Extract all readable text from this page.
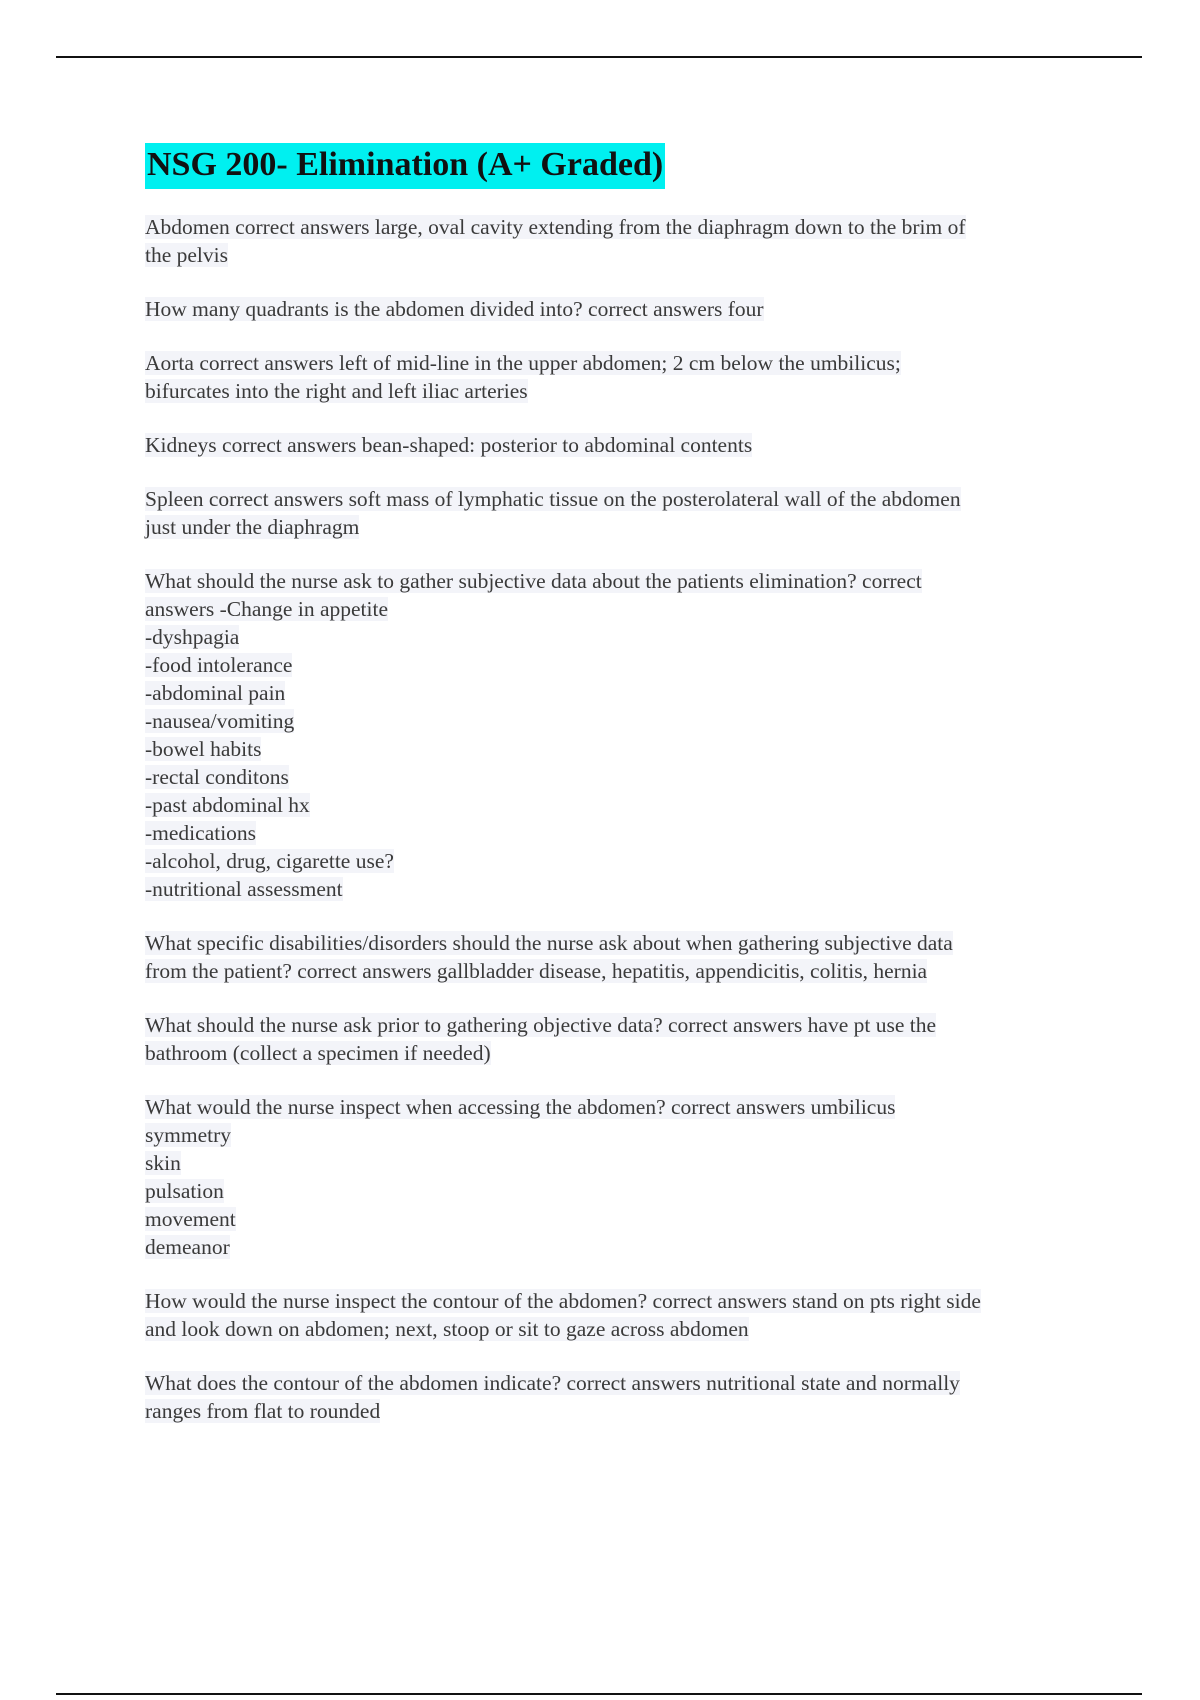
NSG 200- Elimination (A+ Graded)
Abdomen correct answers large, oval cavity extending from the diaphragm down to the brim of
the pelvis
How many quadrants is the abdomen divided into? correct answers four
Aorta correct answers left of mid-line in the upper abdomen; 2 cm below the umbilicus;
bifurcates into the right and left iliac arteries
Kidneys correct answers bean-shaped: posterior to abdominal contents
Spleen correct answers soft mass of lymphatic tissue on the posterolateral wall of the abdomen
just under the diaphragm
What should the nurse ask to gather subjective data about the patients elimination? correct
answers -Change in appetite
-dyshpagia
-food intolerance
-abdominal pain
-nausea/vomiting
-bowel habits
-rectal conditons
-past abdominal hx
-medications
-alcohol, drug, cigarette use?
-nutritional assessment
What specific disabilities/disorders should the nurse ask about when gathering subjective data
from the patient? correct answers gallbladder disease, hepatitis, appendicitis, colitis, hernia
What should the nurse ask prior to gathering objective data? correct answers have pt use the
bathroom (collect a specimen if needed)
What would the nurse inspect when accessing the abdomen? correct answers umbilicus
symmetry
skin
pulsation
movement
demeanor
How would the nurse inspect the contour of the abdomen? correct answers stand on pts right side
and look down on abdomen; next, stoop or sit to gaze across abdomen
What does the contour of the abdomen indicate? correct answers nutritional state and normally
ranges from flat to rounded
